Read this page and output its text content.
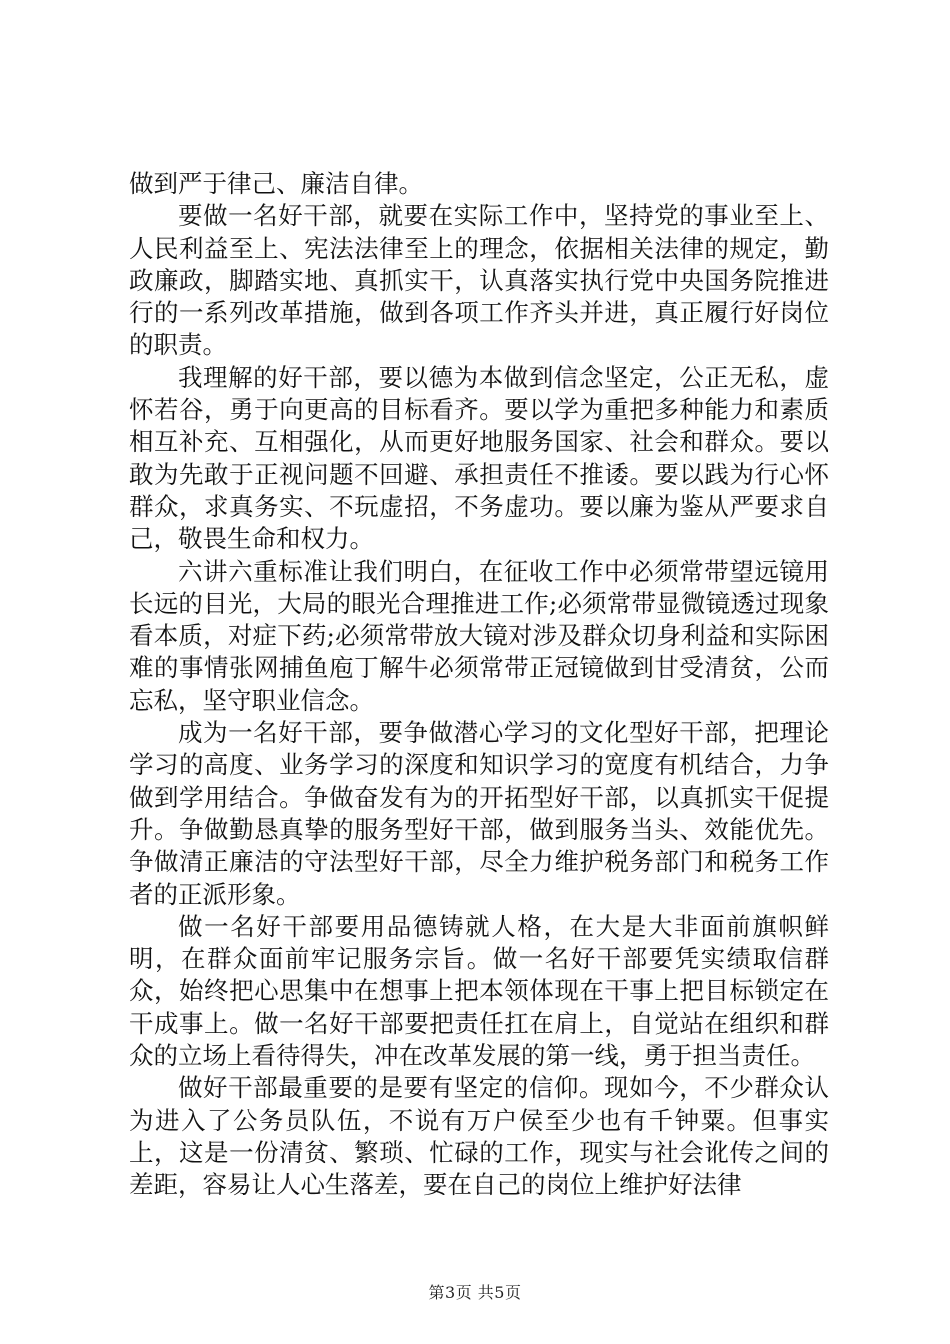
做到严于律己、廉洁自律。

要做一名好干部，就要在实际工作中，坚持党的事业至上、人民利益至上、宪法法律至上的理念，依据相关法律的规定，勤政廉政，脚踏实地、真抓实干，认真落实执行党中央国务院推进行的一系列改革措施，做到各项工作齐头并进，真正履行好岗位的职责。

我理解的好干部，要以德为本做到信念坚定，公正无私，虚怀若谷，勇于向更高的目标看齐。要以学为重把多种能力和素质相互补充、互相强化，从而更好地服务国家、社会和群众。要以敢为先敢于正视问题不回避、承担责任不推诿。要以践为行心怀群众，求真务实、不玩虚招，不务虚功。要以廉为鉴从严要求自己，敬畏生命和权力。

六讲六重标准让我们明白，在征收工作中必须常带望远镜用长远的目光，大局的眼光合理推进工作;必须常带显微镜透过现象看本质，对症下药;必须常带放大镜对涉及群众切身利益和实际困难的事情张网捕鱼庖丁解牛必须常带正冠镜做到甘受清贫，公而忘私，坚守职业信念。

成为一名好干部，要争做潜心学习的文化型好干部，把理论学习的高度、业务学习的深度和知识学习的宽度有机结合，力争做到学用结合。争做奋发有为的开拓型好干部，以真抓实干促提升。争做勤恳真挚的服务型好干部，做到服务当头、效能优先。争做清正廉洁的守法型好干部，尽全力维护税务部门和税务工作者的正派形象。

做一名好干部要用品德铸就人格，在大是大非面前旗帜鲜明，在群众面前牢记服务宗旨。做一名好干部要凭实绩取信群众，始终把心思集中在想事上把本领体现在干事上把目标锁定在干成事上。做一名好干部要把责任扛在肩上，自觉站在组织和群众的立场上看待得失，冲在改革发展的第一线，勇于担当责任。

做好干部最重要的是要有坚定的信仰。现如今，不少群众认为进入了公务员队伍，不说有万户侯至少也有千钟粟。但事实上，这是一份清贫、繁琐、忙碌的工作，现实与社会讹传之间的差距，容易让人心生落差，要在自己的岗位上维护好法律

第3页 共5页
